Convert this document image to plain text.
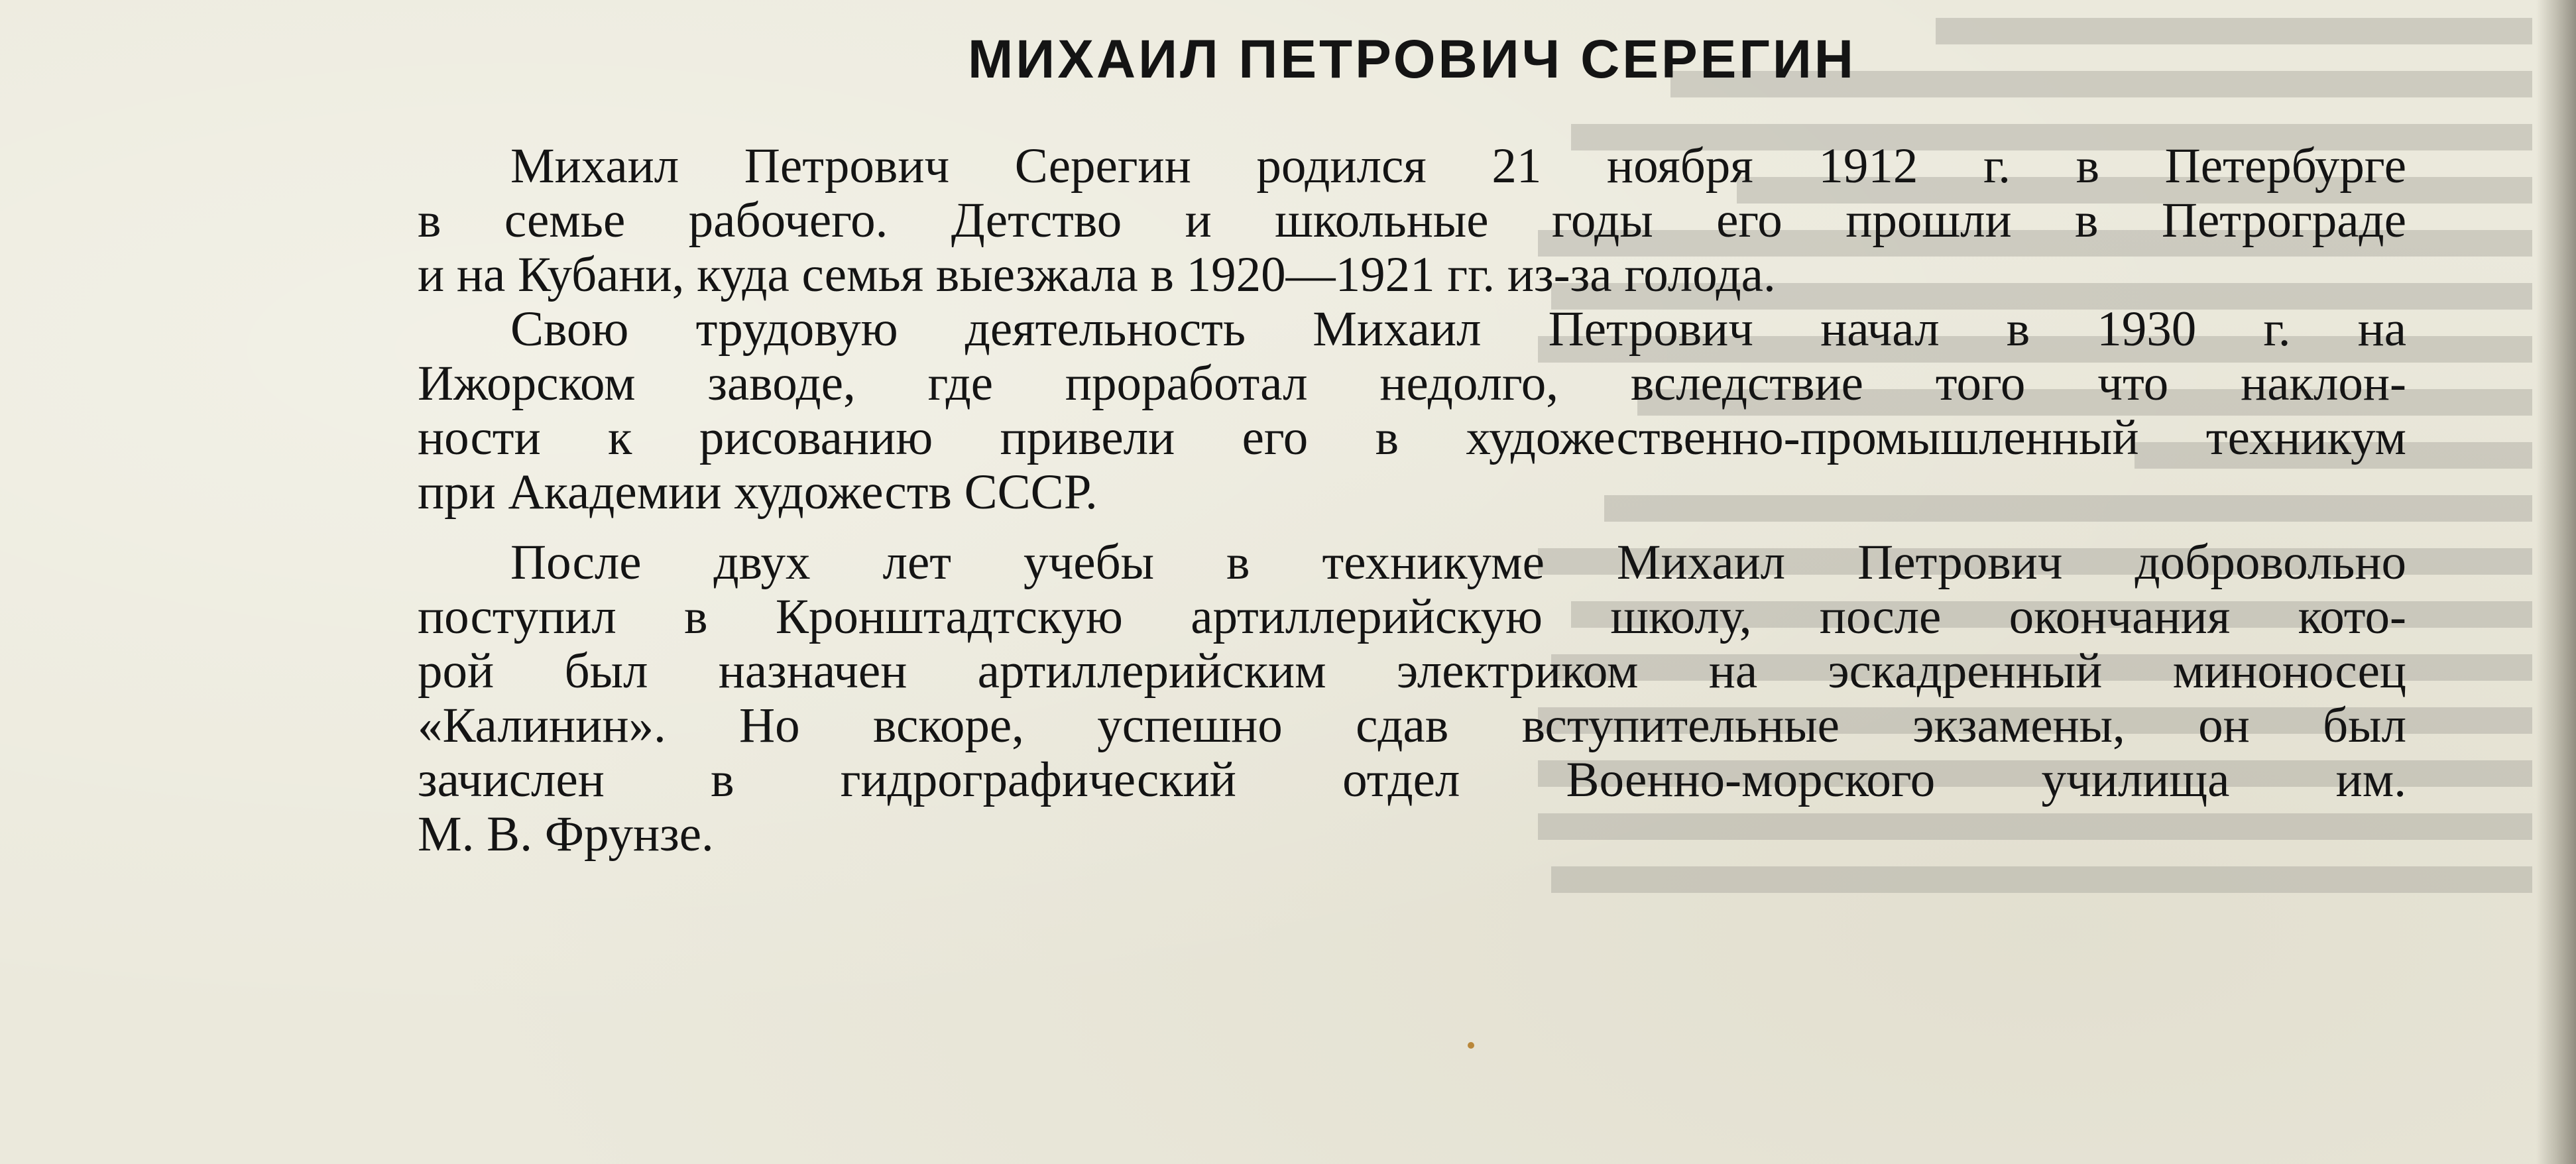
МИХАИЛ ПЕТРОВИЧ СЕРЕГИН

Михаил Петрович Серегин родился 21 ноября 1912 г. в Петербурге
в семье рабочего. Детство и школьные годы его прошли в Петрограде
и на Кубани, куда семья выезжала в 1920—1921 гг. из-за голода.

Свою трудовую деятельность Михаил Петрович начал в 1930 г. на
Ижорском заводе, где проработал недолго, вследствие того что наклон-
ности к рисованию привели его в художественно-промышленный техникум
при Академии художеств СССР.

После двух лет учебы в техникуме Михаил Петрович добровольно
поступил в Кронштадтскую артиллерийскую школу, после окончания кото-
рой был назначен артиллерийским электриком на эскадренный миноносец
«Калинин». Но вскоре, успешно сдав вступительные экзамены, он был
зачислен в гидрографический отдел Военно-морского училища им.
М. В. Фрунзе.
